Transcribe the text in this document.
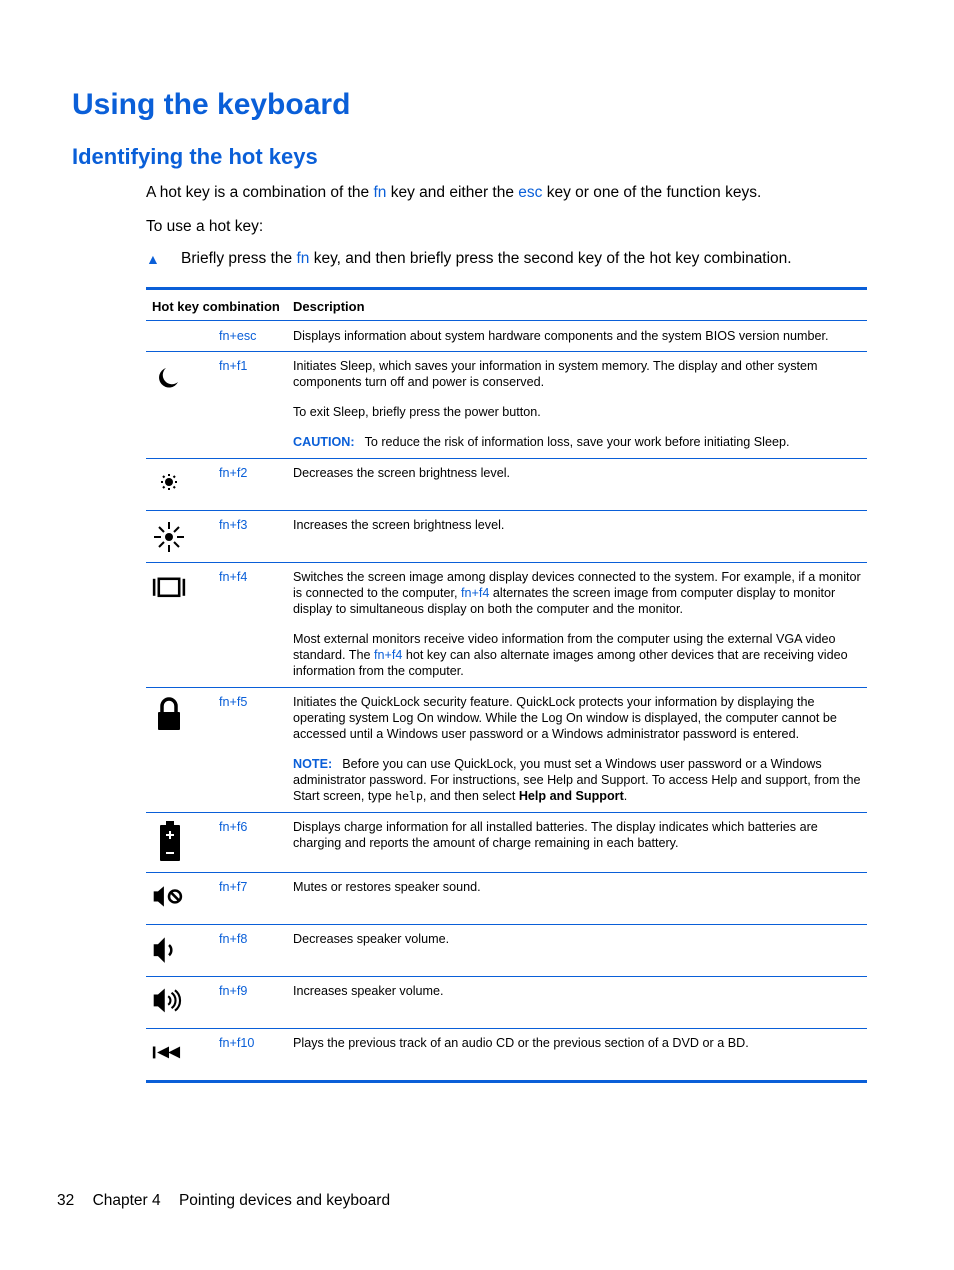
Using the keyboard
Identifying the hot keys

A hot key is a combination of the fn key and either the esc key or one of the function keys.

To use a hot key:

▲ Briefly press the fn key, and then briefly press the second key of the hot key combination.

Hot key combination Description
fn+esc	Displays information about system hardware components and the system BIOS version number.
fn+f1	Initiates Sleep, which saves your information in system memory. The display and other system components turn off and power is conserved.

To exit Sleep, briefly press the power button.

CAUTION: To reduce the risk of information loss, save your work before initiating Sleep.

fn+f2	Decreases the screen brightness level.
fn+f3	Increases the screen brightness level.
fn+f4	Switches the screen image among display devices connected to the system. For example, if a monitor is connected to the computer, fn+f4 alternates the screen image from computer display to monitor display to simultaneous display on both the computer and the monitor.

Most external monitors receive video information from the computer using the external VGA video standard. The fn+f4 hot key can also alternate images among other devices that are receiving video information from the computer.

fn+f5	Initiates the QuickLock security feature. QuickLock protects your information by displaying the operating system Log On window. While the Log On window is displayed, the computer cannot be accessed until a Windows user password or a Windows administrator password is entered.

NOTE: Before you can use QuickLock, you must set a Windows user password or a Windows administrator password. For instructions, see Help and Support. To access Help and support, from the Start screen, type help, and then select Help and Support.

fn+f6	Displays charge information for all installed batteries. The display indicates which batteries are charging and reports the amount of charge remaining in each battery.
fn+f7	Mutes or restores speaker sound.
fn+f8	Decreases speaker volume.
fn+f9	Increases speaker volume.
fn+f10	Plays the previous track of an audio CD or the previous section of a DVD or a BD.

32 Chapter 4 Pointing devices and keyboard
